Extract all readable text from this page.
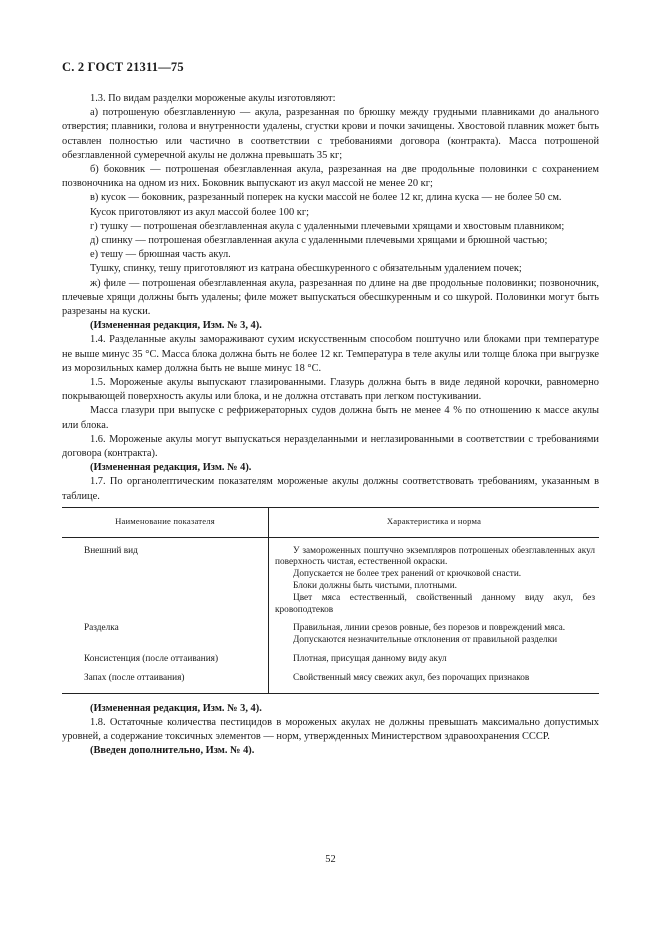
С. 2 ГОСТ 21311—75

1.3. По видам разделки мороженые акулы изготовляют:

а) потрошеную обезглавленную — акула, разрезанная по брюшку между грудными плавниками до анального отверстия; плавники, голова и внутренности удалены, сгустки крови и почки зачищены. Хвостовой плавник может быть оставлен полностью или частично в соответствии с требованиями договора (контракта). Масса потрошеной обезглавленной сумеречной акулы не должна превышать 35 кг;

б) боковник — потрошеная обезглавленная акула, разрезанная на две продольные половинки с сохранением позвоночника на одном из них. Боковник выпускают из акул массой не менее 20 кг;

в) кусок — боковник, разрезанный поперек на куски массой не более 12 кг, длина куска — не более 50 см.

Кусок приготовляют из акул массой более 100 кг;

г) тушку — потрошеная обезглавленная акула с удаленными плечевыми хрящами и хвостовым плавником;

д) спинку — потрошеная обезглавленная акула с удаленными плечевыми хрящами и брюшной частью;

е) тешу — брюшная часть акул.

Тушку, спинку, тешу приготовляют из катрана обесшкуренного с обязательным удалением почек;

ж) филе — потрошеная обезглавленная акула, разрезанная по длине на две продольные половинки; позвоночник, плечевые хрящи должны быть удалены; филе может выпускаться обесшкуренным и со шкурой. Половинки могут быть разрезаны на куски.

(Измененная редакция, Изм. № 3, 4).

1.4. Разделанные акулы замораживают сухим искусственным способом поштучно или блоками при температуре не выше минус 35 °С. Масса блока должна быть не более 12 кг. Температура в теле акулы или толще блока при выгрузке из морозильных камер должна быть не выше минус 18 °С.

1.5. Мороженые акулы выпускают глазированными. Глазурь должна быть в виде ледяной корочки, равномерно покрывающей поверхность акулы или блока, и не должна отставать при легком постукивании.

Масса глазури при выпуске с рефрижераторных судов должна быть не менее 4 % по отношению к массе акулы или блока.

1.6. Мороженые акулы могут выпускаться неразделанными и неглазированными в соответствии с требованиями договора (контракта).

(Измененная редакция, Изм. № 4).

1.7. По органолептическим показателям мороженые акулы должны соответствовать требованиям, указанным в таблице.

Наименование показателя	Характеристика и норма
Внешний вид	У замороженных поштучно экземпляров потрошеных обезглавленных акул поверхность чистая, естественной окраски.
Допускается не более трех ранений от крючковой снасти.
Блоки должны быть чистыми, плотными.
Цвет мяса естественный, свойственный данному виду акул, без кровоподтеков

Разделка	Правильная, линии срезов ровные, без порезов и повреждений мяса.
Допускаются незначительные отклонения от правильной разделки

Консистенция (после оттаивания)	Плотная, присущая данному виду акул

Запах (после оттаивания)	Свойственный мясу свежих акул, без порочащих признаков

(Измененная редакция, Изм. № 3, 4).

1.8. Остаточные количества пестицидов в мороженых акулах не должны превышать максимально допустимых уровней, а содержание токсичных элементов — норм, утвержденных Министерством здравоохранения СССР.

(Введен дополнительно, Изм. № 4).

52
